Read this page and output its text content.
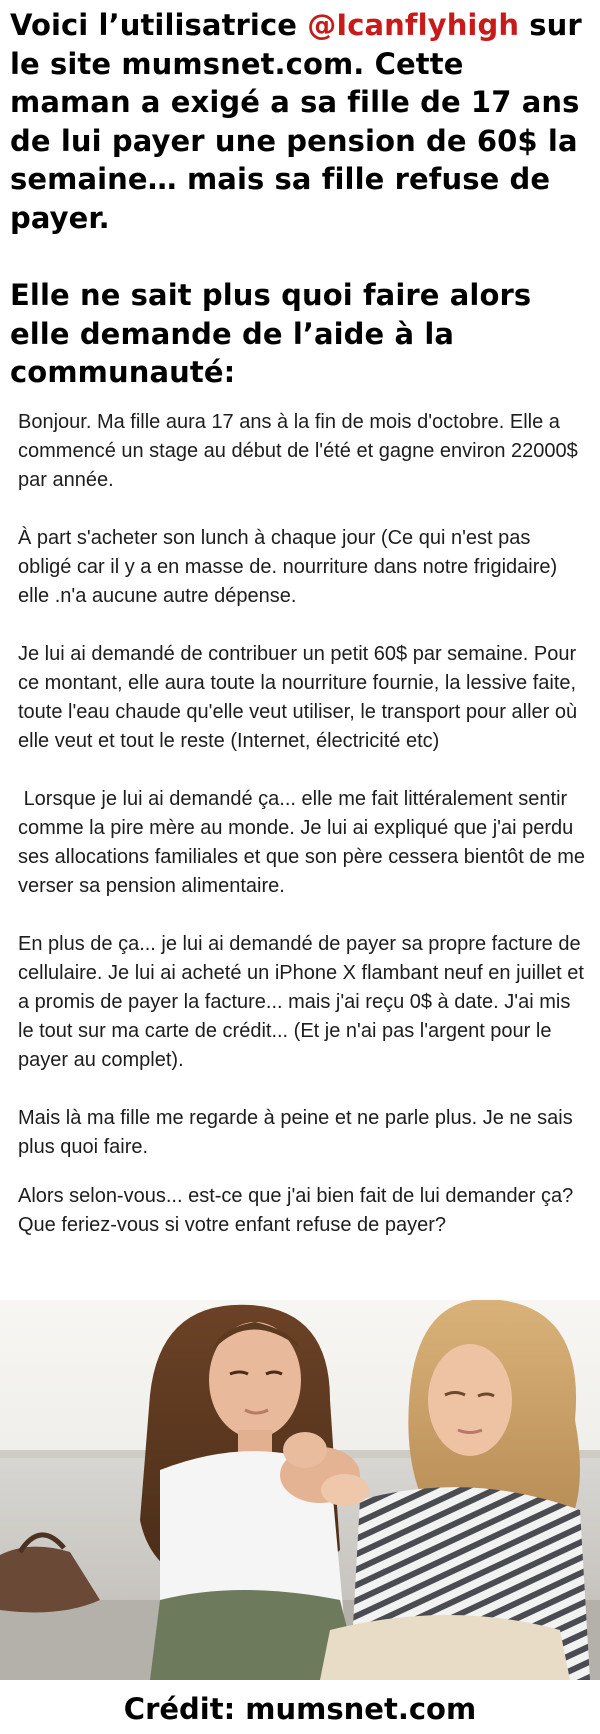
Voici l’utilisatrice @Icanflyhigh sur le site mumsnet.com. Cette maman a exigé a sa fille de 17 ans de lui payer une pension de 60$ la semaine… mais sa fille refuse de payer.
Elle ne sait plus quoi faire alors elle demande de l’aide à la communauté:

Bonjour. Ma fille aura 17 ans à la fin de mois d'octobre. Elle a commencé un stage au début de l'été et gagne environ 22000$ par année.

À part s'acheter son lunch à chaque jour (Ce qui n'est pas obligé car il y a en masse de. nourriture dans notre frigidaire) elle .n'a aucune autre dépense.

Je lui ai demandé de contribuer un petit 60$ par semaine. Pour ce montant, elle aura toute la nourriture fournie, la lessive faite, toute l'eau chaude qu'elle veut utiliser, le transport pour aller où elle veut et tout le reste (Internet, électricité etc)

Lorsque je lui ai demandé ça... elle me fait littéralement sentir comme la pire mère au monde. Je lui ai expliqué que j'ai perdu ses allocations familiales et que son père cessera bientôt de me verser sa pension alimentaire.

En plus de ça... je lui ai demandé de payer sa propre facture de cellulaire. Je lui ai acheté un iPhone X flambant neuf en juillet et a promis de payer la facture... mais j'ai reçu 0$ à date. J'ai mis le tout sur ma carte de crédit... (Et je n'ai pas l'argent pour le payer au complet).

Mais là ma fille me regarde à peine et ne parle plus. Je ne sais plus quoi faire.

Alors selon-vous... est-ce que j'ai bien fait de lui demander ça? Que feriez-vous si votre enfant refuse de payer?

Crédit: mumsnet.com
